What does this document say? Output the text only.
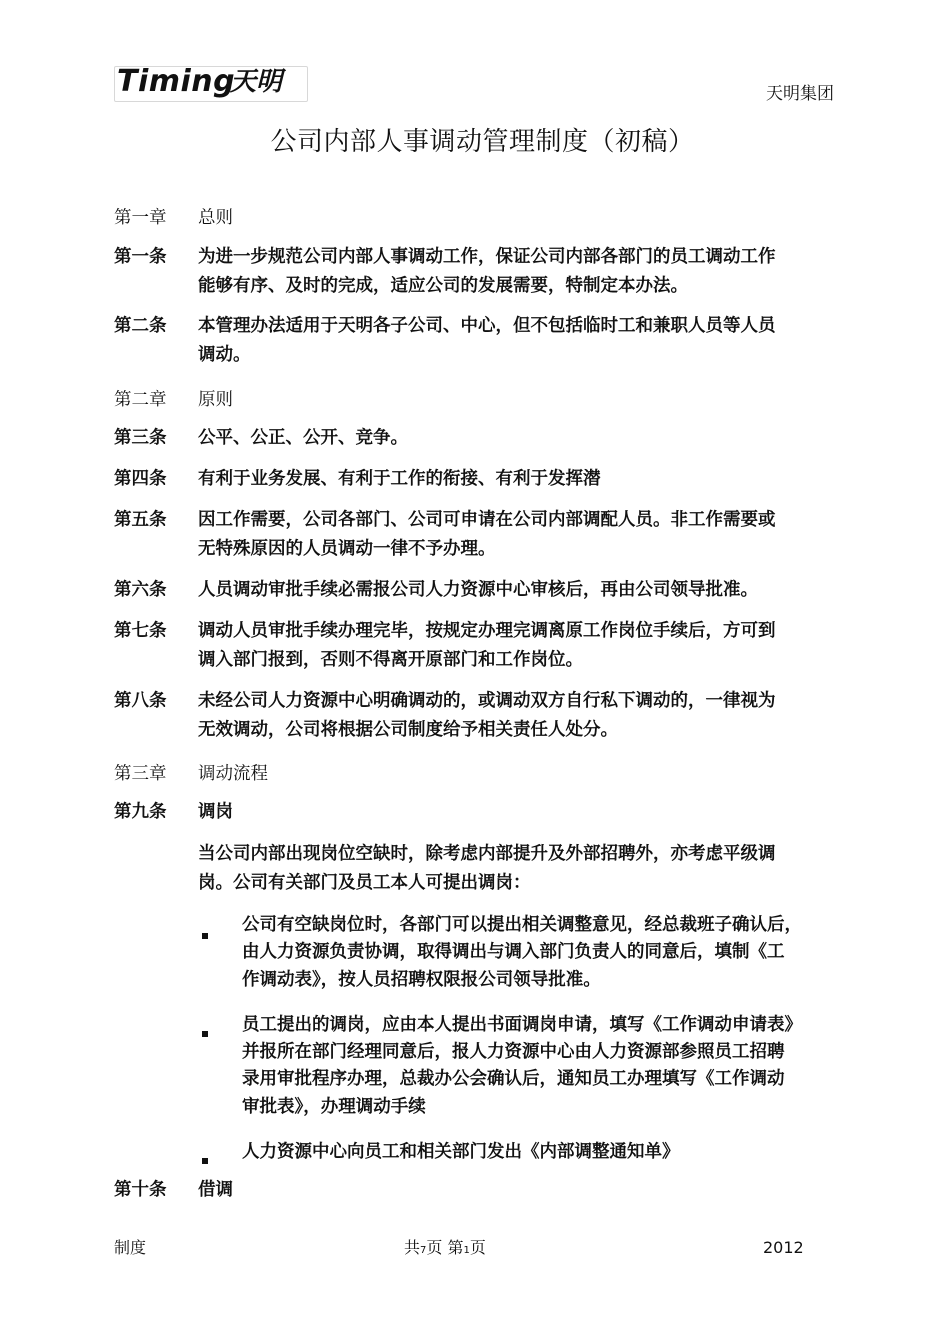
Timing
天明	天明集团
公司内部人事调动管理制度（初稿）
第一章 总则
第一条 为进一步规范公司内部人事调动工作，保证公司内部各部门的员工调动工作
能够有序、及时的完成，适应公司的发展需要，特制定本办法。
第二条 本管理办法适用于天明各子公司、中心，但不包括临时工和兼职人员等人员
调动。
第二章 原则
第三条 公平、公正、公开、竞争。
第四条 有利于业务发展、有利于工作的衔接、有利于发挥潜
第五条 因工作需要，公司各部门、公司可申请在公司内部调配人员。非工作需要或
无特殊原因的人员调动一律不予办理。
第六条 人员调动审批手续必需报公司人力资源中心审核后，再由公司领导批准。
第七条 调动人员审批手续办理完毕，按规定办理完调离原工作岗位手续后，方可到
调入部门报到，否则不得离开原部门和工作岗位。
第八条 未经公司人力资源中心明确调动的，或调动双方自行私下调动的，一律视为
无效调动，公司将根据公司制度给予相关责任人处分。
第三章 调动流程
第九条 调岗
当公司内部出现岗位空缺时，除考虑内部提升及外部招聘外，亦考虑平级调
岗。公司有关部门及员工本人可提出调岗：
公司有空缺岗位时，各部门可以提出相关调整意见，经总裁班子确认后，
由人力资源负责协调，取得调出与调入部门负责人的同意后，填制《工
作调动表》，按人员招聘权限报公司领导批准。
员工提出的调岗，应由本人提出书面调岗申请，填写《工作调动申请表》
并报所在部门经理同意后，报人力资源中心由人力资源部参照员工招聘
录用审批程序办理，总裁办公会确认后，通知员工办理填写《工作调动
审批表》，办理调动手续
人力资源中心向员工和相关部门发出《内部调整通知单》
第十条 借调
制度	共7页 第1页	2012
